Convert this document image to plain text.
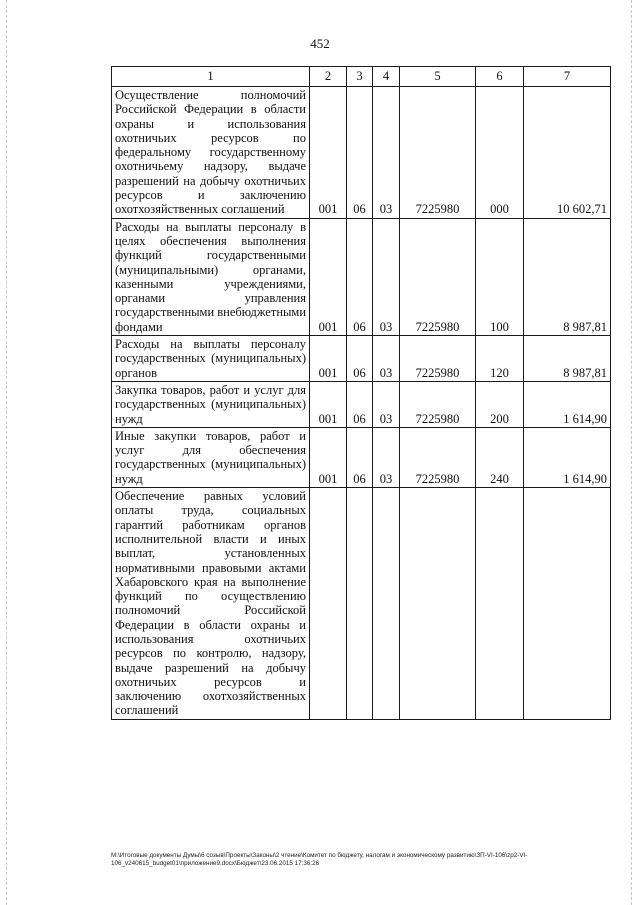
452
1	2	3	4	5	6	7
Осуществление полномочий Российской Федерации в области охраны и использования охотничьих ресурсов по федеральному государственному охотничьему надзору, выдаче разрешений на добычу охотничьих ресурсов и заключению охотхозяйственных соглашений	001	06	03	7225980	000	10 602,71
Расходы на выплаты персоналу в целях обеспечения выполнения функций государственными (муниципальными) органами, казенными учреждениями, органами управления государственными внебюджетными фондами	001	06	03	7225980	100	8 987,81
Расходы на выплаты персоналу государственных (муниципальных) органов	001	06	03	7225980	120	8 987,81
Закупка товаров, работ и услуг для государственных (муниципальных) нужд	001	06	03	7225980	200	1 614,90
Иные закупки товаров, работ и услуг для обеспечения государственных (муниципальных) нужд	001	06	03	7225980	240	1 614,90
Обеспечение равных условий оплаты труда, социальных гарантий работникам органов исполнительной власти и иных выплат, установленных нормативными правовыми актами Хабаровского края на выполнение функций по осуществлению полномочий Российской Федерации в области охраны и использования охотничьих ресурсов по контролю, надзору, выдаче разрешений на добычу охотничьих ресурсов и заключению охотхозяйственных соглашений						
М:\Итоговые документы Думы\6 созыв\Проекты\Законы\2 чтение\Комитет по бюджету, налогам и экономическому развитию\ЗП-VI-106\zp2-VI-106_v240615_budget01\приложение9.docx\Бюджет\23.06.2015 17:36:26
